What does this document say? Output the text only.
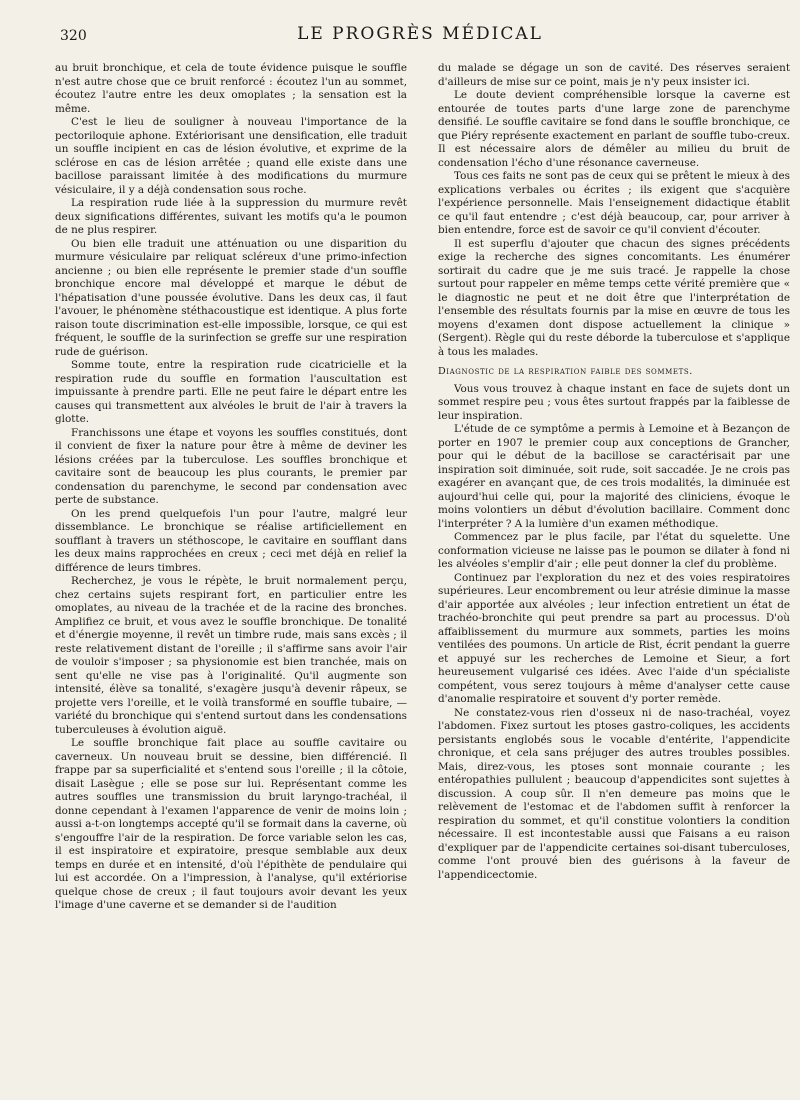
320	LE PROGRÈS MÉDICAL

au bruit bronchique, et cela de toute évidence puisque le souffle n'est autre chose que ce bruit renforcé : écoutez l'un au sommet, écoutez l'autre entre les deux omoplates ; la sensation est la même.

C'est le lieu de souligner à nouveau l'importance de la pectoriloquie aphone. Extériorisant une densification, elle traduit un souffle incipient en cas de lésion évolutive, et exprime de la sclérose en cas de lésion arrêtée ; quand elle existe dans une bacillose paraissant limitée à des modifications du murmure vésiculaire, il y a déjà condensation sous roche.

La respiration rude liée à la suppression du murmure revêt deux significations différentes, suivant les motifs qu'a le poumon de ne plus respirer.

Ou bien elle traduit une atténuation ou une disparition du murmure vésiculaire par reliquat scléreux d'une primo-infection ancienne ; ou bien elle représente le premier stade d'un souffle bronchique encore mal développé et marque le début de l'hépatisation d'une poussée évolutive. Dans les deux cas, il faut l'avouer, le phénomène stéthacoustique est identique. A plus forte raison toute discrimination est-elle impossible, lorsque, ce qui est fréquent, le souffle de la surinfection se greffe sur une respiration rude de guérison.

Somme toute, entre la respiration rude cicatricielle et la respiration rude du souffle en formation l'auscultation est impuissante à prendre parti. Elle ne peut faire le départ entre les causes qui transmettent aux alvéoles le bruit de l'air à travers la glotte.

Franchissons une étape et voyons les souffles constitués, dont il convient de fixer la nature pour être à même de deviner les lésions créées par la tuberculose. Les souffles bronchique et cavitaire sont de beaucoup les plus courants, le premier par condensation du parenchyme, le second par condensation avec perte de substance.

On les prend quelquefois l'un pour l'autre, malgré leur dissemblance. Le bronchique se réalise artificiellement en soufflant à travers un stéthoscope, le cavitaire en soufflant dans les deux mains rapprochées en creux ; ceci met déjà en relief la différence de leurs timbres.

Recherchez, je vous le répète, le bruit normalement perçu, chez certains sujets respirant fort, en particulier entre les omoplates, au niveau de la trachée et de la racine des bronches. Amplifiez ce bruit, et vous avez le souffle bronchique. De tonalité et d'énergie moyenne, il revêt un timbre rude, mais sans excès ; il reste relativement distant de l'oreille ; il s'affirme sans avoir l'air de vouloir s'imposer ; sa physionomie est bien tranchée, mais on sent qu'elle ne vise pas à l'originalité. Qu'il augmente son intensité, élève sa tonalité, s'exagère jusqu'à devenir râpeux, se projette vers l'oreille, et le voilà transformé en souffle tubaire, — variété du bronchique qui s'entend surtout dans les condensations tuberculeuses à évolution aiguë.

Le souffle bronchique fait place au souffle cavitaire ou caverneux. Un nouveau bruit se dessine, bien différencié. Il frappe par sa superficialité et s'entend sous l'oreille ; il la côtoie, disait Lasègue ; elle se pose sur lui. Représentant comme les autres souffles une transmission du bruit laryngo-trachéal, il donne cependant à l'examen l'apparence de venir de moins loin ; aussi a-t-on longtemps accepté qu'il se formait dans la caverne, où s'engouffre l'air de la respiration. De force variable selon les cas, il est inspiratoire et expiratoire, presque semblable aux deux temps en durée et en intensité, d'où l'épithète de pendulaire qui lui est accordée. On a l'impression, à l'analyse, qu'il extériorise quelque chose de creux ; il faut toujours avoir devant les yeux l'image d'une caverne et se demander si de l'audition

du malade se dégage un son de cavité. Des réserves seraient d'ailleurs de mise sur ce point, mais je n'y peux insister ici.

Le doute devient compréhensible lorsque la caverne est entourée de toutes parts d'une large zone de parenchyme densifié. Le souffle cavitaire se fond dans le souffle bronchique, ce que Piéry représente exactement en parlant de souffle tubo-creux. Il est nécessaire alors de démêler au milieu du bruit de condensation l'écho d'une résonance caverneuse.

Tous ces faits ne sont pas de ceux qui se prêtent le mieux à des explications verbales ou écrites ; ils exigent que s'acquière l'expérience personnelle. Mais l'enseignement didactique établit ce qu'il faut entendre ; c'est déjà beaucoup, car, pour arriver à bien entendre, force est de savoir ce qu'il convient d'écouter.

Il est superflu d'ajouter que chacun des signes précédents exige la recherche des signes concomitants. Les énumérer sortirait du cadre que je me suis tracé. Je rappelle la chose surtout pour rappeler en même temps cette vérité première que « le diagnostic ne peut et ne doit être que l'interprétation de l'ensemble des résultats fournis par la mise en œuvre de tous les moyens d'examen dont dispose actuellement la clinique » (Sergent). Règle qui du reste déborde la tuberculose et s'applique à tous les malades.

Diagnostic de la respiration faible des sommets.

Vous vous trouvez à chaque instant en face de sujets dont un sommet respire peu ; vous êtes surtout frappés par la faiblesse de leur inspiration.

L'étude de ce symptôme a permis à Lemoine et à Bezançon de porter en 1907 le premier coup aux conceptions de Grancher, pour qui le début de la bacillose se caractérisait par une inspiration soit diminuée, soit rude, soit saccadée. Je ne crois pas exagérer en avançant que, de ces trois modalités, la diminuée est aujourd'hui celle qui, pour la majorité des cliniciens, évoque le moins volontiers un début d'évolution bacillaire. Comment donc l'interpréter ? A la lumière d'un examen méthodique.

Commencez par le plus facile, par l'état du squelette. Une conformation vicieuse ne laisse pas le poumon se dilater à fond ni les alvéoles s'emplir d'air ; elle peut donner la clef du problème.

Continuez par l'exploration du nez et des voies respiratoires supérieures. Leur encombrement ou leur atrésie diminue la masse d'air apportée aux alvéoles ; leur infection entretient un état de trachéo-bronchite qui peut prendre sa part au processus. D'où affaiblissement du murmure aux sommets, parties les moins ventilées des poumons. Un article de Rist, écrit pendant la guerre et appuyé sur les recherches de Lemoine et Sieur, a fort heureusement vulgarisé ces idées. Avec l'aide d'un spécialiste compétent, vous serez toujours à même d'analyser cette cause d'anomalie respiratoire et souvent d'y porter remède.

Ne constatez-vous rien d'osseux ni de naso-trachéal, voyez l'abdomen. Fixez surtout les ptoses gastro-coliques, les accidents persistants englobés sous le vocable d'entérite, l'appendicite chronique, et cela sans préjuger des autres troubles possibles. Mais, direz-vous, les ptoses sont monnaie courante ; les entéropathies pullulent ; beaucoup d'appendicites sont sujettes à discussion. A coup sûr. Il n'en demeure pas moins que le relèvement de l'estomac et de l'abdomen suffit à renforcer la respiration du sommet, et qu'il constitue volontiers la condition nécessaire. Il est incontestable aussi que Faisans a eu raison d'expliquer par de l'appendicite certaines soi-disant tuberculoses, comme l'ont prouvé bien des guérisons à la faveur de l'appendicectomie.
